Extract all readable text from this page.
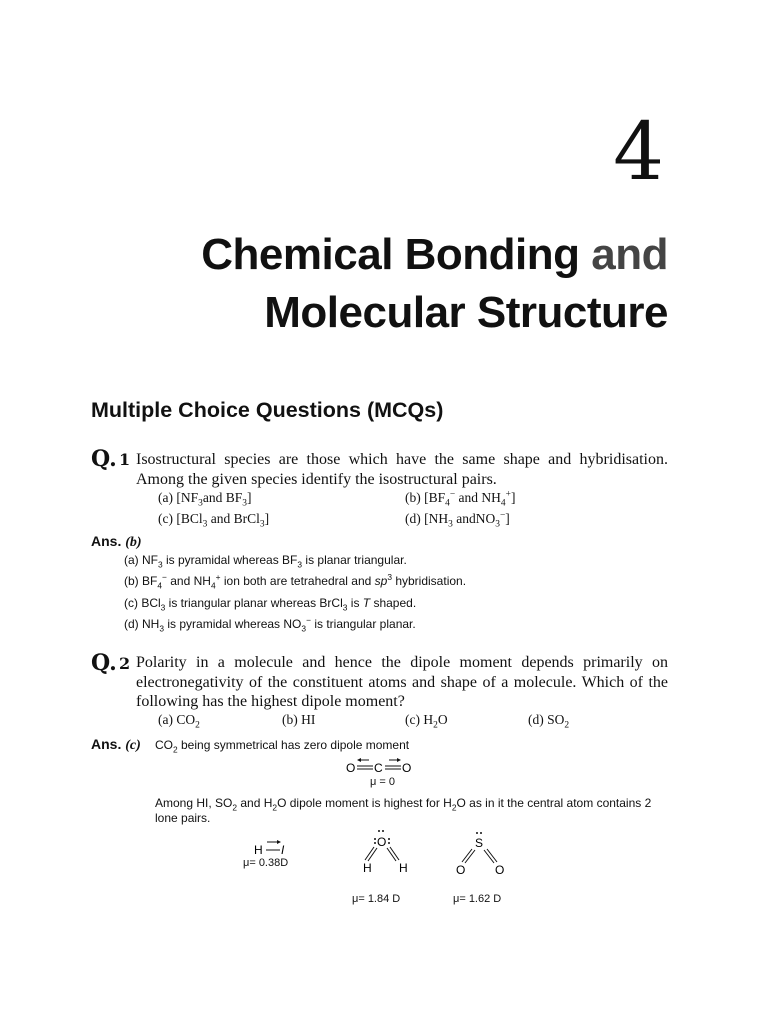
4
Chemical Bonding and
Molecular Structure
Multiple Choice Questions (MCQs)
Q. 1 Isostructural species are those which have the same shape and hybridisation. Among the given species identify the isostructural pairs.
(a) [$NF_3and$ $BF_3$]	(b) [$BF_4^-$ and $NH_4^+$]
(c) [BCl$_3$ and BrCl$_3$]	(d) [$NH_3$ andNO$_3$−]
Ans. (b)
(a) $NF_3$ is pyramidal whereas $BF_3$ is planar triangular.
(b) $BF_4^-$ and $NH_4^+$ ion both are tetrahedral and $sp^3$ hybridisation.
(c) BCl$_3$ is triangular planar whereas BrCl$_3$ is T shaped.
(d) $NH_3$ is pyramidal whereas $NO_3^-$ is triangular planar.
Q. 2 Polarity in a molecule and hence the dipole moment depends primarily on electronegativity of the constituent atoms and shape of a molecule. Which of the following has the highest dipole moment?
(a) $CO_2$	(b) HI	(c) $H_2O$	(d) $SO_2$
Ans. (c) $CO_2$ being symmetrical has zero dipole moment
O C O
μ = 0
Among HI, $SO_2$ and $H_2O$ dipole moment is highest for $H_2O$ as in it the central atom contains 2 lone pairs.
H I
μ= 0.38D
O
H H
μ= 1.84 D
S
O O
μ= 1.62 D
